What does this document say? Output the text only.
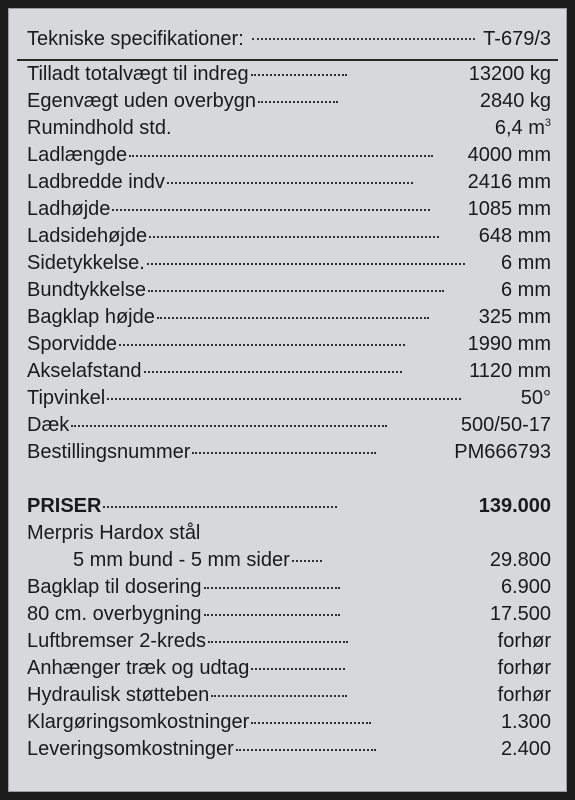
Tekniske specifikationer:	T-679/3
Tilladt totalvægt til indreg	13200 kg
Egenvægt uden overbygn	2840 kg
Rumindhold std.	6,4 $m^3$
Ladlængde	4000 mm
Ladbredde indv	2416 mm
Ladhøjde	1085 mm
Ladsidehøjde	648 mm
Sidetykkelse.	6 mm
Bundtykkelse	6 mm
Bagklap højde	325 mm
Sporvidde	1990 mm
Akselafstand	1120 mm
Tipvinkel	50°
Dæk	500/50-17
Bestillingsnummer	PM666793
PRISER	139.000
Merpris Hardox stål
5 mm bund - 5 mm sider	29.800
Bagklap til dosering	6.900
80 cm. overbygning	17.500
Luftbremser 2-kreds	forhør
Anhænger træk og udtag	forhør
Hydraulisk støtteben	forhør
Klargøringsomkostninger	1.300
Leveringsomkostninger	2.400
